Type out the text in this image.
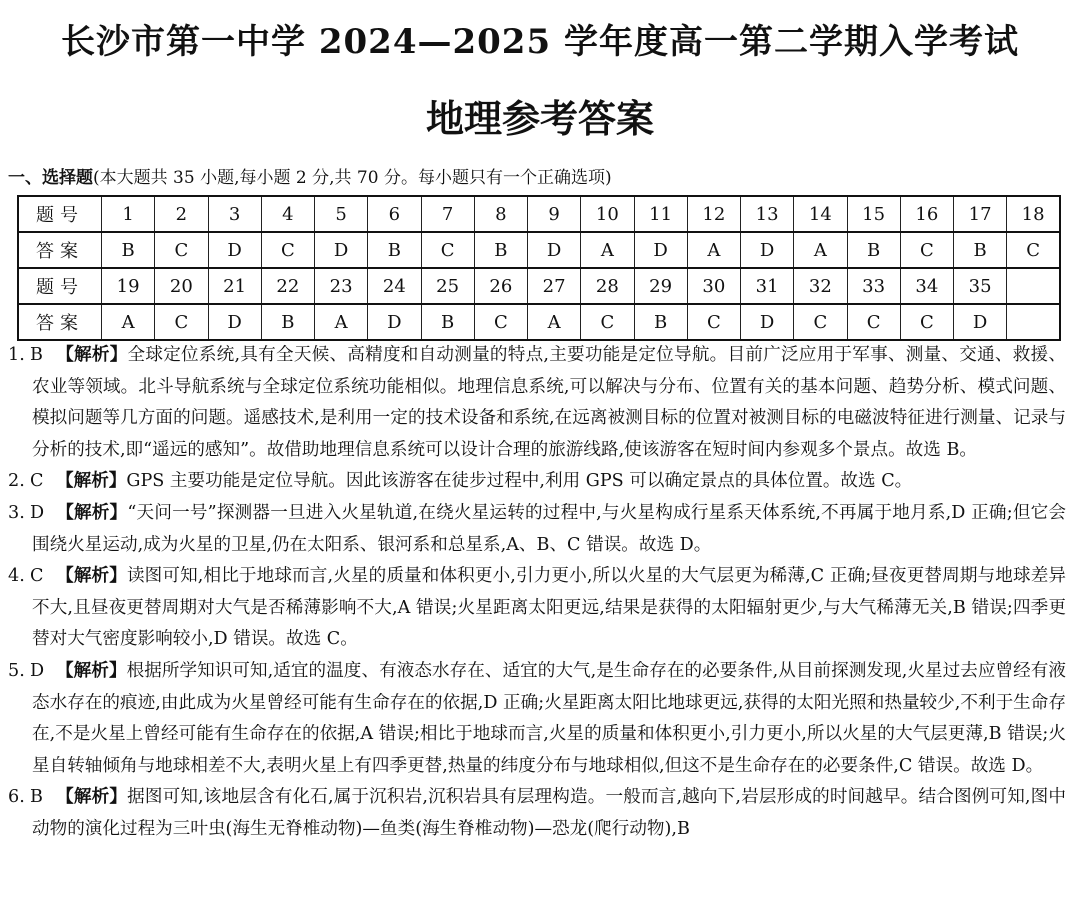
长沙市第一中学 2024—2025 学年度高一第二学期入学考试
地理参考答案
一、选择题(本大题共 35 小题,每小题 2 分,共 70 分。每小题只有一个正确选项)
题号	1	2	3	4	5	6	7	8	9	10	11	12	13	14	15	16	17	18
答案	B	C	D	C	D	B	C	B	D	A	D	A	D	A	B	C	B	C
题号	19	20	21	22	23	24	25	26	27	28	29	30	31	32	33	34	35	
答案	A	C	D	B	A	D	B	C	A	C	B	C	D	C	C	C	D	
1. B 【解析】全球定位系统,具有全天候、高精度和自动测量的特点,主要功能是定位导航。目前广泛应用于军事、测量、交通、救援、农业等领域。北斗导航系统与全球定位系统功能相似。地理信息系统,可以解决与分布、位置有关的基本问题、趋势分析、模式问题、模拟问题等几方面的问题。遥感技术,是利用一定的技术设备和系统,在远离被测目标的位置对被测目标的电磁波特征进行测量、记录与分析的技术,即“遥远的感知”。故借助地理信息系统可以设计合理的旅游线路,使该游客在短时间内参观多个景点。故选 B。
2. C 【解析】GPS 主要功能是定位导航。因此该游客在徒步过程中,利用 GPS 可以确定景点的具体位置。故选 C。
3. D 【解析】“天问一号”探测器一旦进入火星轨道,在绕火星运转的过程中,与火星构成行星系天体系统,不再属于地月系,D 正确;但它会围绕火星运动,成为火星的卫星,仍在太阳系、银河系和总星系,A、B、C 错误。故选 D。
4. C 【解析】读图可知,相比于地球而言,火星的质量和体积更小,引力更小,所以火星的大气层更为稀薄,C 正确;昼夜更替周期与地球差异不大,且昼夜更替周期对大气是否稀薄影响不大,A 错误;火星距离太阳更远,结果是获得的太阳辐射更少,与大气稀薄无关,B 错误;四季更替对大气密度影响较小,D 错误。故选 C。
5. D 【解析】根据所学知识可知,适宜的温度、有液态水存在、适宜的大气,是生命存在的必要条件,从目前探测发现,火星过去应曾经有液态水存在的痕迹,由此成为火星曾经可能有生命存在的依据,D 正确;火星距离太阳比地球更远,获得的太阳光照和热量较少,不利于生命存在,不是火星上曾经可能有生命存在的依据,A 错误;相比于地球而言,火星的质量和体积更小,引力更小,所以火星的大气层更薄,B 错误;火星自转轴倾角与地球相差不大,表明火星上有四季更替,热量的纬度分布与地球相似,但这不是生命存在的必要条件,C 错误。故选 D。
6. B 【解析】据图可知,该地层含有化石,属于沉积岩,沉积岩具有层理构造。一般而言,越向下,岩层形成的时间越早。结合图例可知,图中动物的演化过程为三叶虫(海生无脊椎动物)—鱼类(海生脊椎动物)—恐龙(爬行动物),B
